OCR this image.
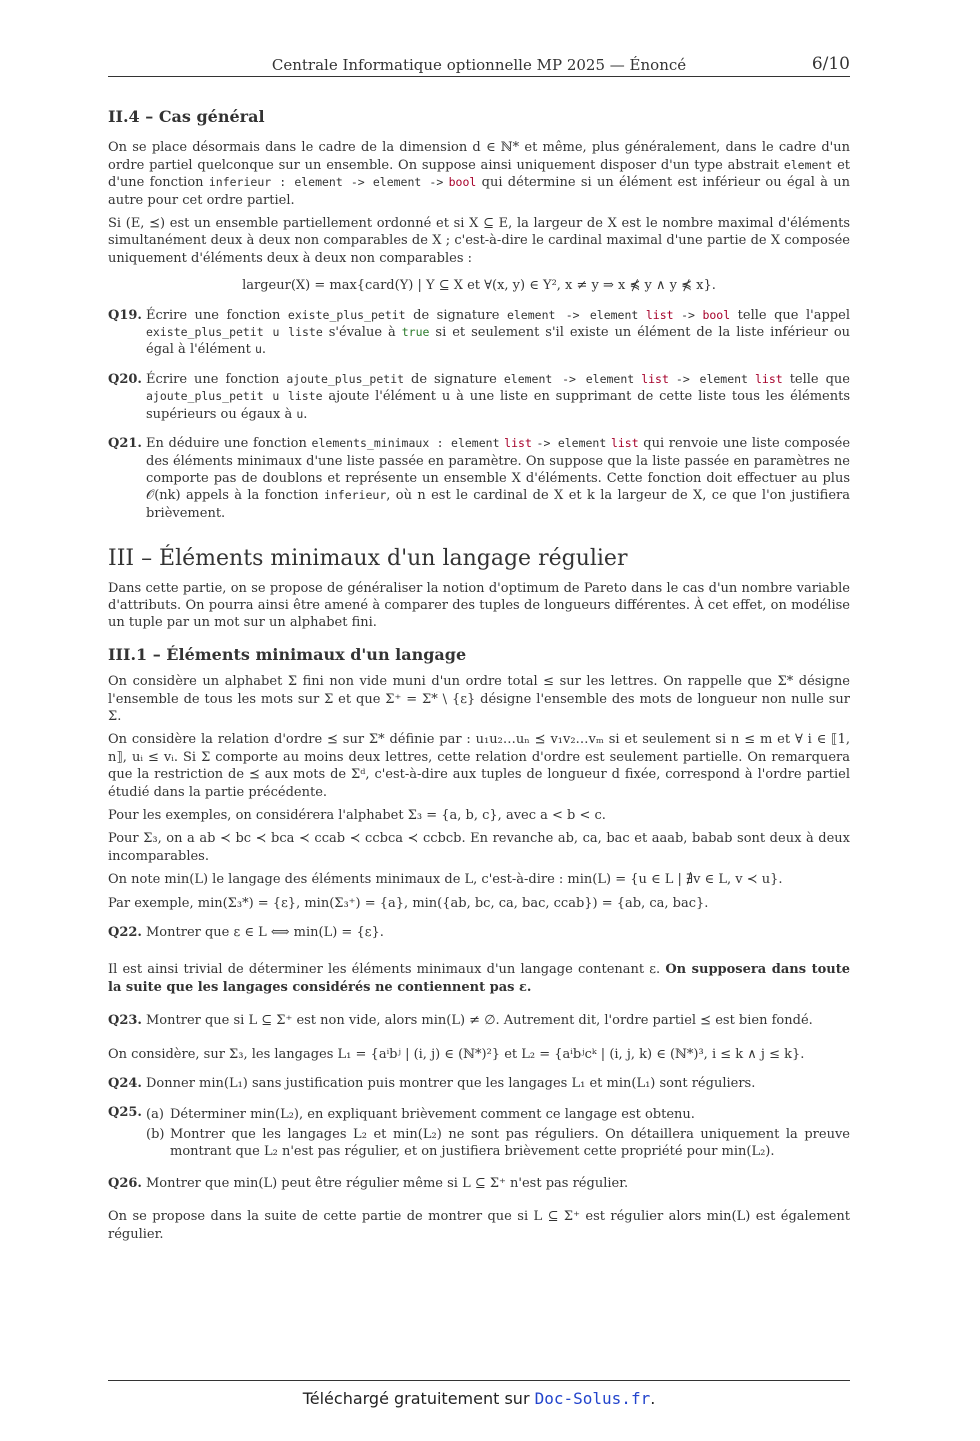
Centrale Informatique optionnelle MP 2025 — Énoncé	6/10
II.4 – Cas général

On se place désormais dans le cadre de la dimension d ∈ ℕ* et même, plus généralement, dans le cadre d'un ordre partiel quelconque sur un ensemble. On suppose ainsi uniquement disposer d'un type abstrait element et d'une fonction inferieur : element -> element -> bool qui détermine si un élément est inférieur ou égal à un autre pour cet ordre partiel.

Si (E, ⪯) est un ensemble partiellement ordonné et si X ⊆ E, la largeur de X est le nombre maximal d'éléments simultanément deux à deux non comparables de X ; c'est-à-dire le cardinal maximal d'une partie de X composée uniquement d'éléments deux à deux non comparables :

largeur(X) = max{card(Y) | Y ⊆ X et ∀(x, y) ∈ Y², x ≠ y ⇒ x ⋠ y ∧ y ⋠ x}.
Q19. Écrire une fonction existe_plus_petit de signature element -> element list -> bool telle que l'appel existe_plus_petit u liste s'évalue à true si et seulement s'il existe un élément de la liste inférieur ou égal à l'élément u.
Q20. Écrire une fonction ajoute_plus_petit de signature element -> element list -> element list telle que ajoute_plus_petit u liste ajoute l'élément u à une liste en supprimant de cette liste tous les éléments supérieurs ou égaux à u.
Q21. En déduire une fonction elements_minimaux : element list -> element list qui renvoie une liste composée des éléments minimaux d'une liste passée en paramètre. On suppose que la liste passée en paramètres ne comporte pas de doublons et représente un ensemble X d'éléments. Cette fonction doit effectuer au plus 𝒪(nk) appels à la fonction inferieur, où n est le cardinal de X et k la largeur de X, ce que l'on justifiera brièvement.
III – Éléments minimaux d'un langage régulier

Dans cette partie, on se propose de généraliser la notion d'optimum de Pareto dans le cas d'un nombre variable d'attributs. On pourra ainsi être amené à comparer des tuples de longueurs différentes. À cet effet, on modélise un tuple par un mot sur un alphabet fini.

III.1 – Éléments minimaux d'un langage

On considère un alphabet Σ fini non vide muni d'un ordre total ≤ sur les lettres. On rappelle que Σ* désigne l'ensemble de tous les mots sur Σ et que Σ⁺ = Σ* \ {ε} désigne l'ensemble des mots de longueur non nulle sur Σ.

On considère la relation d'ordre ⪯ sur Σ* définie par : u₁u₂…uₙ ⪯ v₁v₂…vₘ si et seulement si n ≤ m et ∀ i ∈ ⟦1, n⟧, uᵢ ≤ vᵢ. Si Σ comporte au moins deux lettres, cette relation d'ordre est seulement partielle. On remarquera que la restriction de ⪯ aux mots de Σᵈ, c'est-à-dire aux tuples de longueur d fixée, correspond à l'ordre partiel étudié dans la partie précédente.

Pour les exemples, on considérera l'alphabet Σ₃ = {a, b, c}, avec a < b < c.

Pour Σ₃, on a ab ≺ bc ≺ bca ≺ ccab ≺ ccbca ≺ ccbcb. En revanche ab, ca, bac et aaab, babab sont deux à deux incomparables.

On note min(L) le langage des éléments minimaux de L, c'est-à-dire : min(L) = {u ∈ L | ∄v ∈ L, v ≺ u}.

Par exemple, min(Σ₃*) = {ε}, min(Σ₃⁺) = {a}, min({ab, bc, ca, bac, ccab}) = {ab, ca, bac}.

Q22. Montrer que ε ∈ L ⟺ min(L) = {ε}.

Il est ainsi trivial de déterminer les éléments minimaux d'un langage contenant ε. On supposera dans toute la suite que les langages considérés ne contiennent pas ε.

Q23. Montrer que si L ⊆ Σ⁺ est non vide, alors min(L) ≠ ∅. Autrement dit, l'ordre partiel ⪯ est bien fondé.

On considère, sur Σ₃, les langages L₁ = {aⁱbʲ | (i, j) ∈ (ℕ*)²} et L₂ = {aⁱbʲcᵏ | (i, j, k) ∈ (ℕ*)³, i ≤ k ∧ j ≤ k}.

Q24. Donner min(L₁) sans justification puis montrer que les langages L₁ et min(L₁) sont réguliers.
Q25. (a) Déterminer min(L₂), en expliquant brièvement comment ce langage est obtenu.
(b) Montrer que les langages L₂ et min(L₂) ne sont pas réguliers. On détaillera uniquement la preuve montrant que L₂ n'est pas régulier, et on justifiera brièvement cette propriété pour min(L₂).
Q26. Montrer que min(L) peut être régulier même si L ⊆ Σ⁺ n'est pas régulier.

On se propose dans la suite de cette partie de montrer que si L ⊆ Σ⁺ est régulier alors min(L) est également régulier.

Téléchargé gratuitement sur Doc-Solus.fr.
